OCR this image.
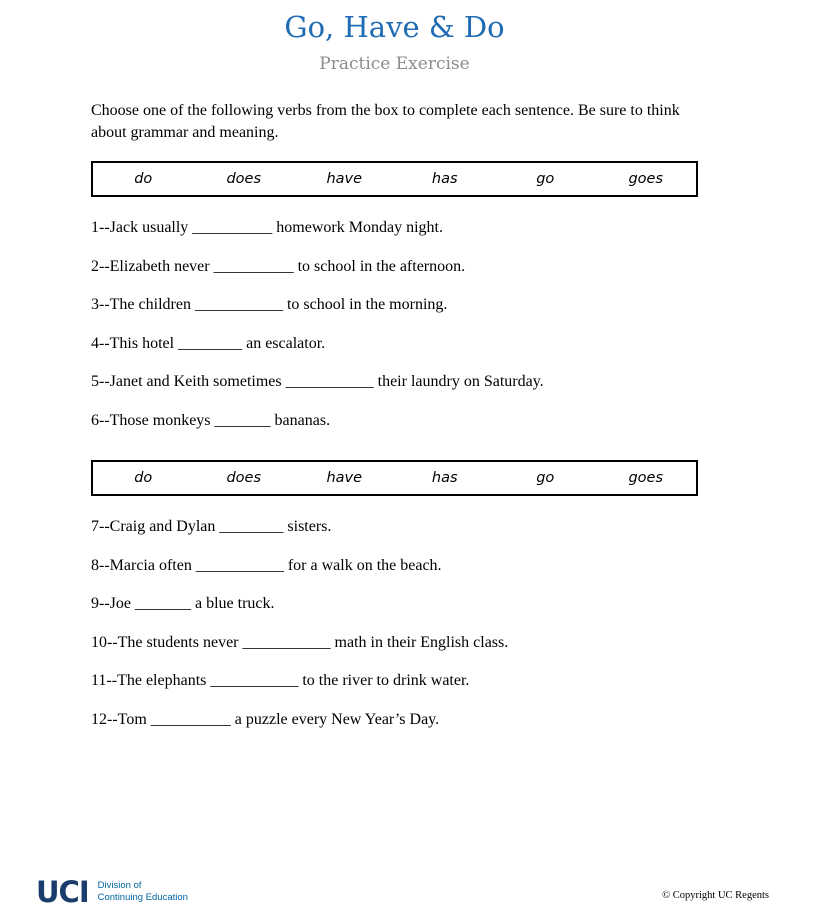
Go, Have & Do
Practice Exercise

Choose one of the following verbs from the box to complete each sentence. Be sure to think about grammar and meaning.

do	does	have	has	go	goes

1--Jack usually __________ homework Monday night.

2--Elizabeth never __________ to school in the afternoon.

3--The children ___________ to school in the morning.

4--This hotel ________ an escalator.

5--Janet and Keith sometimes ___________ their laundry on Saturday.

6--Those monkeys _______ bananas.

do	does	have	has	go	goes

7--Craig and Dylan ________ sisters.

8--Marcia often ___________ for a walk on the beach.

9--Joe _______ a blue truck.

10--The students never ___________ math in their English class.

11--The elephants ___________ to the river to drink water.

12--Tom __________ a puzzle every New Year’s Day.

UCI Division of
Continuing Education	© Copyright UC Regents
